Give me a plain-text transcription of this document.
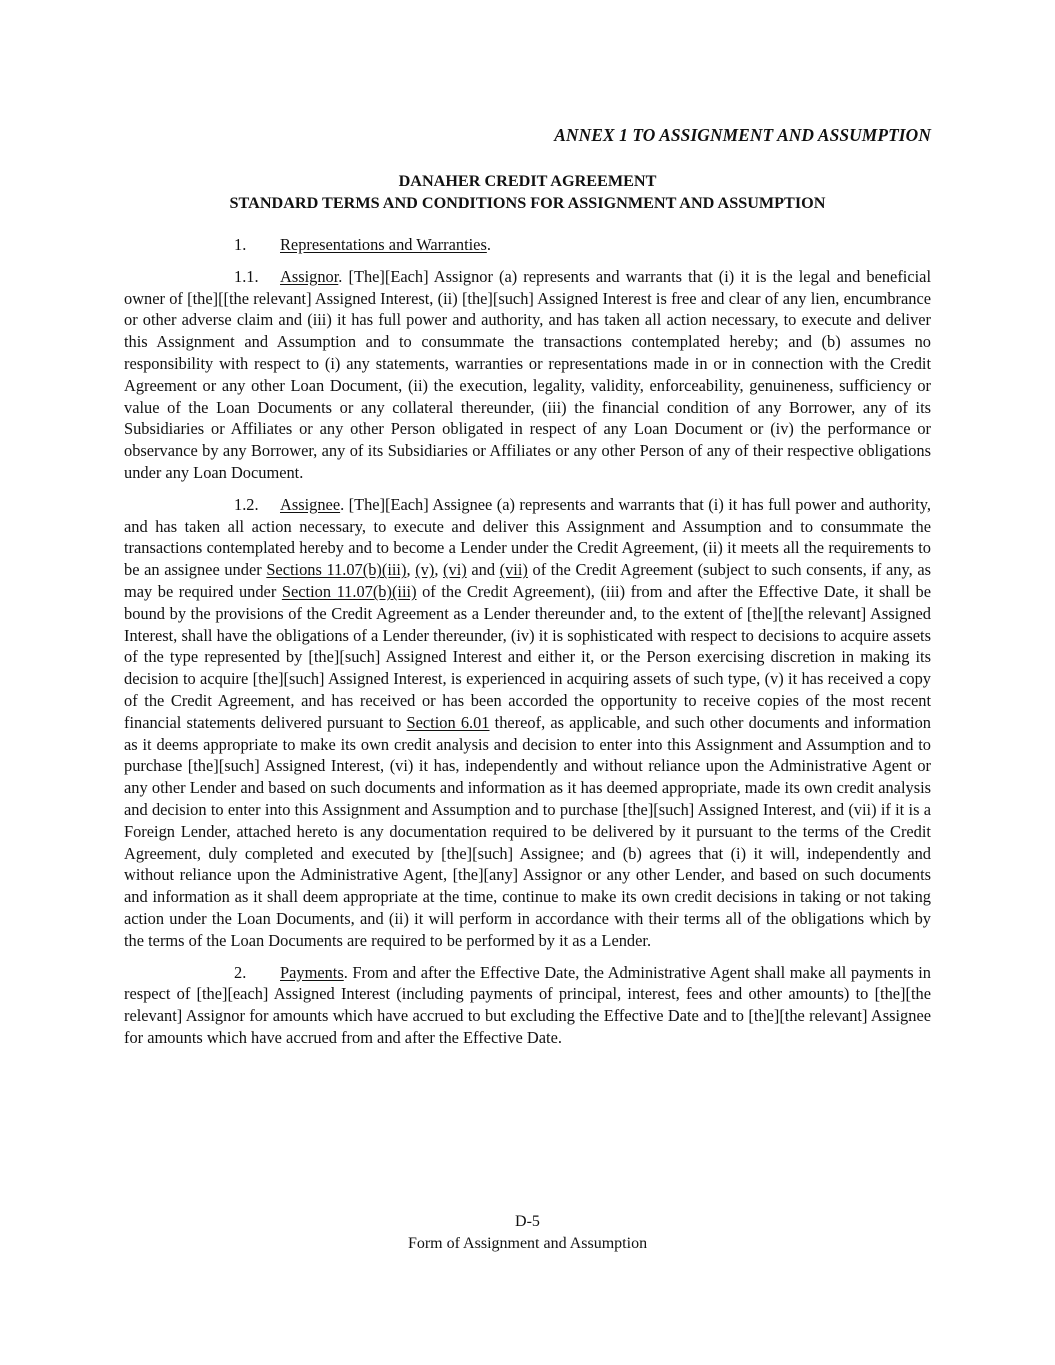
ANNEX 1 TO ASSIGNMENT AND ASSUMPTION
DANAHER CREDIT AGREEMENT
STANDARD TERMS AND CONDITIONS FOR ASSIGNMENT AND ASSUMPTION

1. Representations and Warranties.

1.1. Assignor. [The][Each] Assignor (a) represents and warrants that (i) it is the legal and beneficial owner of [the][[the relevant] Assigned Interest, (ii) [the][such] Assigned Interest is free and clear of any lien, encumbrance or other adverse claim and (iii) it has full power and authority, and has taken all action necessary, to execute and deliver this Assignment and Assumption and to consummate the transactions contemplated hereby; and (b) assumes no responsibility with respect to (i) any statements, warranties or representations made in or in connection with the Credit Agreement or any other Loan Document, (ii) the execution, legality, validity, enforceability, genuineness, sufficiency or value of the Loan Documents or any collateral thereunder, (iii) the financial condition of any Borrower, any of its Subsidiaries or Affiliates or any other Person obligated in respect of any Loan Document or (iv) the performance or observance by any Borrower, any of its Subsidiaries or Affiliates or any other Person of any of their respective obligations under any Loan Document.

1.2. Assignee. [The][Each] Assignee (a) represents and warrants that (i) it has full power and authority, and has taken all action necessary, to execute and deliver this Assignment and Assumption and to consummate the transactions contemplated hereby and to become a Lender under the Credit Agreement, (ii) it meets all the requirements to be an assignee under Sections 11.07(b)(iii), (v), (vi) and (vii) of the Credit Agreement (subject to such consents, if any, as may be required under Section 11.07(b)(iii) of the Credit Agreement), (iii) from and after the Effective Date, it shall be bound by the provisions of the Credit Agreement as a Lender thereunder and, to the extent of [the][the relevant] Assigned Interest, shall have the obligations of a Lender thereunder, (iv) it is sophisticated with respect to decisions to acquire assets of the type represented by [the][such] Assigned Interest and either it, or the Person exercising discretion in making its decision to acquire [the][such] Assigned Interest, is experienced in acquiring assets of such type, (v) it has received a copy of the Credit Agreement, and has received or has been accorded the opportunity to receive copies of the most recent financial statements delivered pursuant to Section 6.01 thereof, as applicable, and such other documents and information as it deems appropriate to make its own credit analysis and decision to enter into this Assignment and Assumption and to purchase [the][such] Assigned Interest, (vi) it has, independently and without reliance upon the Administrative Agent or any other Lender and based on such documents and information as it has deemed appropriate, made its own credit analysis and decision to enter into this Assignment and Assumption and to purchase [the][such] Assigned Interest, and (vii) if it is a Foreign Lender, attached hereto is any documentation required to be delivered by it pursuant to the terms of the Credit Agreement, duly completed and executed by [the][such] Assignee; and (b) agrees that (i) it will, independently and without reliance upon the Administrative Agent, [the][any] Assignor or any other Lender, and based on such documents and information as it shall deem appropriate at the time, continue to make its own credit decisions in taking or not taking action under the Loan Documents, and (ii) it will perform in accordance with their terms all of the obligations which by the terms of the Loan Documents are required to be performed by it as a Lender.

2. Payments. From and after the Effective Date, the Administrative Agent shall make all payments in respect of [the][each] Assigned Interest (including payments of principal, interest, fees and other amounts) to [the][the relevant] Assignor for amounts which have accrued to but excluding the Effective Date and to [the][the relevant] Assignee for amounts which have accrued from and after the Effective Date.

D-5
Form of Assignment and Assumption
